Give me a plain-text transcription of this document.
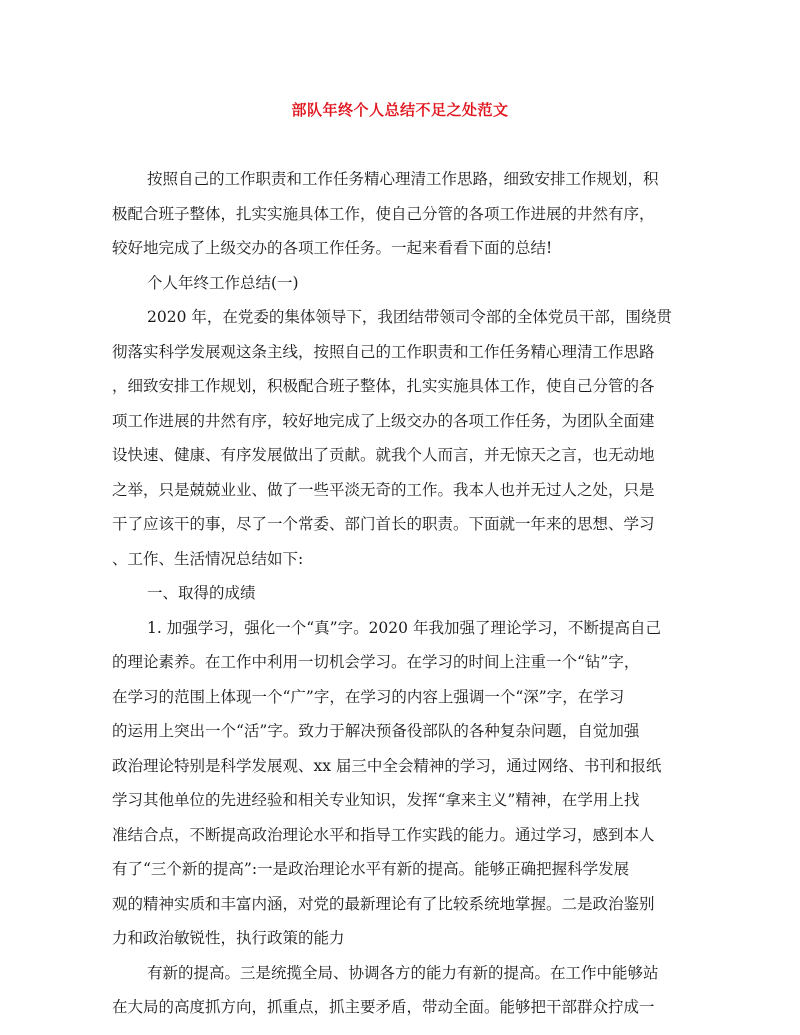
部队年终个人总结不足之处范文
按照自己的工作职责和工作任务精心理清工作思路，细致安排工作规划，积
极配合班子整体，扎实实施具体工作，使自己分管的各项工作进展的井然有序，
较好地完成了上级交办的各项工作任务。一起来看看下面的总结!
个人年终工作总结(一)
2020 年，在党委的集体领导下，我团结带领司令部的全体党员干部，围绕贯
彻落实科学发展观这条主线，按照自己的工作职责和工作任务精心理清工作思路
，细致安排工作规划，积极配合班子整体，扎实实施具体工作，使自己分管的各
项工作进展的井然有序，较好地完成了上级交办的各项工作任务，为团队全面建
设快速、健康、有序发展做出了贡献。就我个人而言，并无惊天之言，也无动地
之举，只是兢兢业业、做了一些平淡无奇的工作。我本人也并无过人之处，只是
干了应该干的事，尽了一个常委、部门首长的职责。下面就一年来的思想、学习
、工作、生活情况总结如下:
一、取得的成绩
1. 加强学习，强化一个“真”字。2020 年我加强了理论学习，不断提高自己
的理论素养。在工作中利用一切机会学习。在学习的时间上注重一个“钻”字，
在学习的范围上体现一个“广”字，在学习的内容上强调一个“深”字，在学习
的运用上突出一个“活”字。致力于解决预备役部队的各种复杂问题，自觉加强
政治理论特别是科学发展观、xx 届三中全会精神的学习，通过网络、书刊和报纸
学习其他单位的先进经验和相关专业知识，发挥“拿来主义”精神，在学用上找
准结合点，不断提高政治理论水平和指导工作实践的能力。通过学习，感到本人
有了“三个新的提高”:一是政治理论水平有新的提高。能够正确把握科学发展
观的精神实质和丰富内涵，对党的最新理论有了比较系统地掌握。二是政治鉴别
力和政治敏锐性，执行政策的能力
有新的提高。三是统揽全局、协调各方的能力有新的提高。在工作中能够站
在大局的高度抓方向，抓重点，抓主要矛盾，带动全面。能够把干部群众拧成一
